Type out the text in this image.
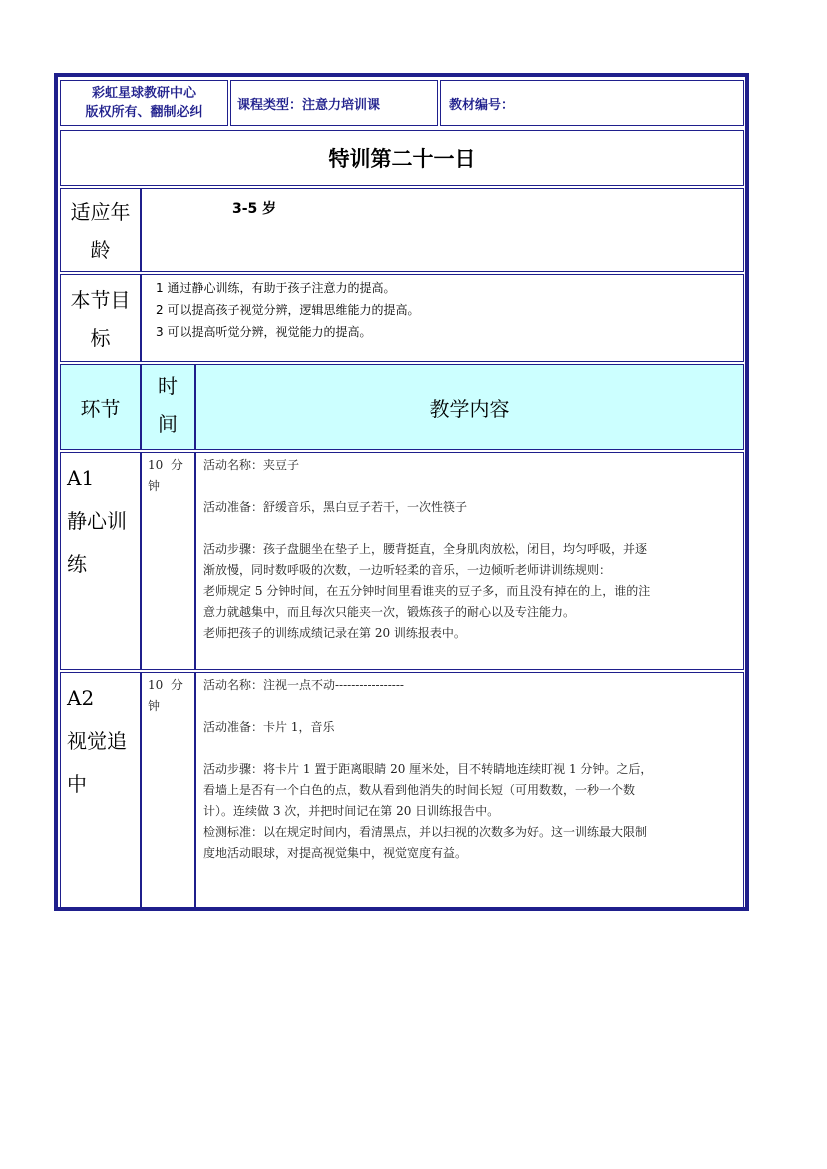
彩虹星球教研中心
版权所有、翻制必纠	课程类型：注意力培训课	教材编号：
特训第二十一日
适应年
龄
3-5 岁
本节目
标
1 通过静心训练，有助于孩子注意力的提高。
2 可以提高孩子视觉分辨，逻辑思维能力的提高。
3 可以提高听觉分辨，视觉能力的提高。
环节
时
间
教学内容
A1
静心训
练
10  分
钟
活动名称：夹豆子
活动准备：舒缓音乐，黑白豆子若干，一次性筷子
活动步骤：孩子盘腿坐在垫子上，腰背挺直，全身肌肉放松，闭目，均匀呼吸，并逐
渐放慢，同时数呼吸的次数，一边听轻柔的音乐，一边倾听老师讲训练规则：
老师规定 5 分钟时间，在五分钟时间里看谁夹的豆子多，而且没有掉在的上，谁的注
意力就越集中，而且每次只能夹一次，锻炼孩子的耐心以及专注能力。
老师把孩子的训练成绩记录在第 20 训练报表中。
A2
视觉追
中
10  分
钟
活动名称：注视一点不动-----------------
活动准备：卡片 1，音乐
活动步骤：将卡片 1 置于距离眼睛 20 厘米处，目不转睛地连续盯视 1 分钟。之后，
看墙上是否有一个白色的点，数从看到他消失的时间长短（可用数数，一秒一个数
计）。连续做 3 次，并把时间记在第 20 日训练报告中。
检测标准：以在规定时间内，看清黑点，并以扫视的次数多为好。这一训练最大限制
度地活动眼球，对提高视觉集中，视觉宽度有益。
